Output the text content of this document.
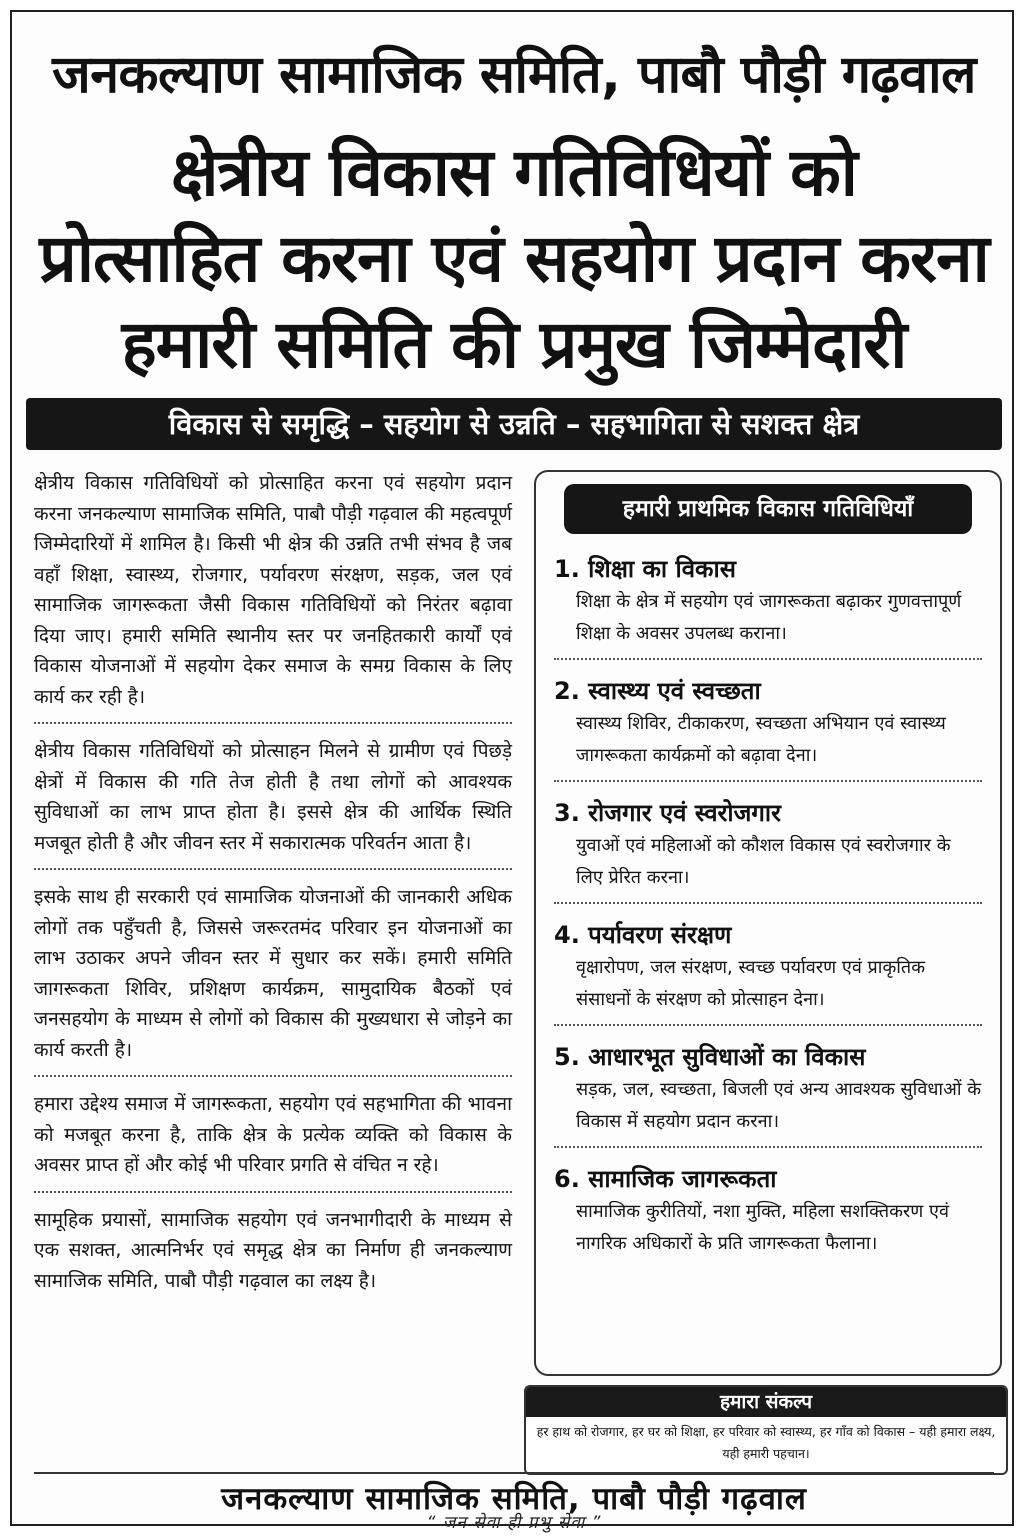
जनकल्याण सामाजिक समिति, पाबौ पौड़ी गढ़वाल
क्षेत्रीय विकास गतिविधियों को
प्रोत्साहित करना एवं सहयोग प्रदान करना
हमारी समिति की प्रमुख जिम्मेदारी
विकास से समृद्धि – सहयोग से उन्नति – सहभागिता से सशक्त क्षेत्र

क्षेत्रीय विकास गतिविधियों को प्रोत्साहित करना एवं सहयोग प्रदान करना जनकल्याण सामाजिक समिति, पाबौ पौड़ी गढ़वाल की महत्वपूर्ण जिम्मेदारियों में शामिल है। किसी भी क्षेत्र की उन्नति तभी संभव है जब वहाँ शिक्षा, स्वास्थ्य, रोजगार, पर्यावरण संरक्षण, सड़क, जल एवं सामाजिक जागरूकता जैसी विकास गतिविधियों को निरंतर बढ़ावा दिया जाए। हमारी समिति स्थानीय स्तर पर जनहितकारी कार्यों एवं विकास योजनाओं में सहयोग देकर समाज के समग्र विकास के लिए कार्य कर रही है।

क्षेत्रीय विकास गतिविधियों को प्रोत्साहन मिलने से ग्रामीण एवं पिछड़े क्षेत्रों में विकास की गति तेज होती है तथा लोगों को आवश्यक सुविधाओं का लाभ प्राप्त होता है। इससे क्षेत्र की आर्थिक स्थिति मजबूत होती है और जीवन स्तर में सकारात्मक परिवर्तन आता है।

इसके साथ ही सरकारी एवं सामाजिक योजनाओं की जानकारी अधिक लोगों तक पहुँचती है, जिससे जरूरतमंद परिवार इन योजनाओं का लाभ उठाकर अपने जीवन स्तर में सुधार कर सकें। हमारी समिति जागरूकता शिविर, प्रशिक्षण कार्यक्रम, सामुदायिक बैठकों एवं जनसहयोग के माध्यम से लोगों को विकास की मुख्यधारा से जोड़ने का कार्य करती है।

हमारा उद्देश्य समाज में जागरूकता, सहयोग एवं सहभागिता की भावना को मजबूत करना है, ताकि क्षेत्र के प्रत्येक व्यक्ति को विकास के अवसर प्राप्त हों और कोई भी परिवार प्रगति से वंचित न रहे।

सामूहिक प्रयासों, सामाजिक सहयोग एवं जनभागीदारी के माध्यम से एक सशक्त, आत्मनिर्भर एवं समृद्ध क्षेत्र का निर्माण ही जनकल्याण सामाजिक समिति, पाबौ पौड़ी गढ़वाल का लक्ष्य है।

हमारी प्राथमिक विकास गतिविधियाँ
1. शिक्षा का विकास
शिक्षा के क्षेत्र में सहयोग एवं जागरूकता बढ़ाकर गुणवत्तापूर्ण शिक्षा के अवसर उपलब्ध कराना।
2. स्वास्थ्य एवं स्वच्छता
स्वास्थ्य शिविर, टीकाकरण, स्वच्छता अभियान एवं स्वास्थ्य जागरूकता कार्यक्रमों को बढ़ावा देना।
3. रोजगार एवं स्वरोजगार
युवाओं एवं महिलाओं को कौशल विकास एवं स्वरोजगार के लिए प्रेरित करना।
4. पर्यावरण संरक्षण
वृक्षारोपण, जल संरक्षण, स्वच्छ पर्यावरण एवं प्राकृतिक संसाधनों के संरक्षण को प्रोत्साहन देना।
5. आधारभूत सुविधाओं का विकास
सड़क, जल, स्वच्छता, बिजली एवं अन्य आवश्यक सुविधाओं के विकास में सहयोग प्रदान करना।
6. सामाजिक जागरूकता
सामाजिक कुरीतियों, नशा मुक्ति, महिला सशक्तिकरण एवं नागरिक अधिकारों के प्रति जागरूकता फैलाना।
हमारा संकल्प
हर हाथ को रोजगार, हर घर को शिक्षा, हर परिवार को स्वास्थ्य, हर गाँव को विकास – यही हमारा लक्ष्य, यही हमारी पहचान।
जनकल्याण सामाजिक समिति, पाबौ पौड़ी गढ़वाल
“ जन सेवा ही प्रभु सेवा ”
